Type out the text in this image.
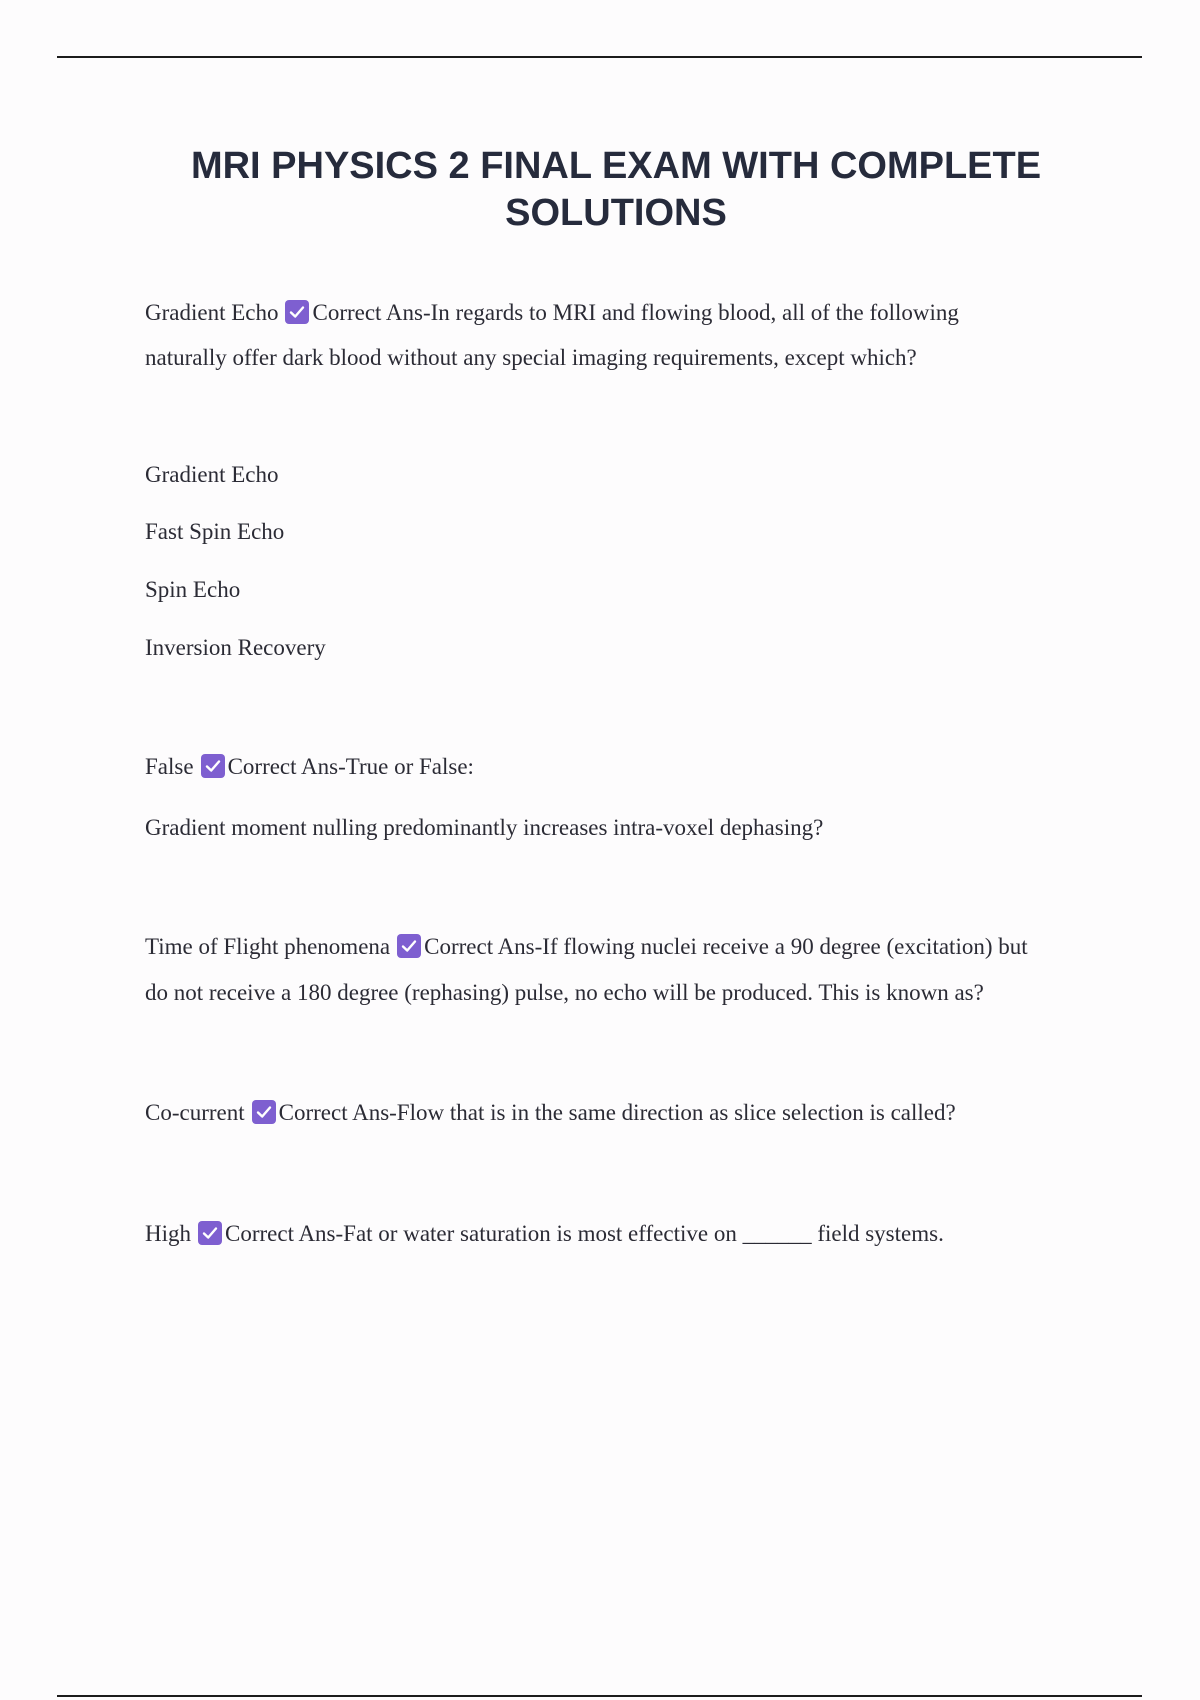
MRI PHYSICS 2 FINAL EXAM WITH COMPLETE SOLUTIONS
Gradient Echo Correct Ans-In regards to MRI and flowing blood, all of the following
naturally offer dark blood without any special imaging requirements, except which?
Gradient Echo
Fast Spin Echo
Spin Echo
Inversion Recovery
False Correct Ans-True or False:
Gradient moment nulling predominantly increases intra-voxel dephasing?
Time of Flight phenomena Correct Ans-If flowing nuclei receive a 90 degree (excitation) but
do not receive a 180 degree (rephasing) pulse, no echo will be produced. This is known as?
Co-current Correct Ans-Flow that is in the same direction as slice selection is called?
High Correct Ans-Fat or water saturation is most effective on ______ field systems.
